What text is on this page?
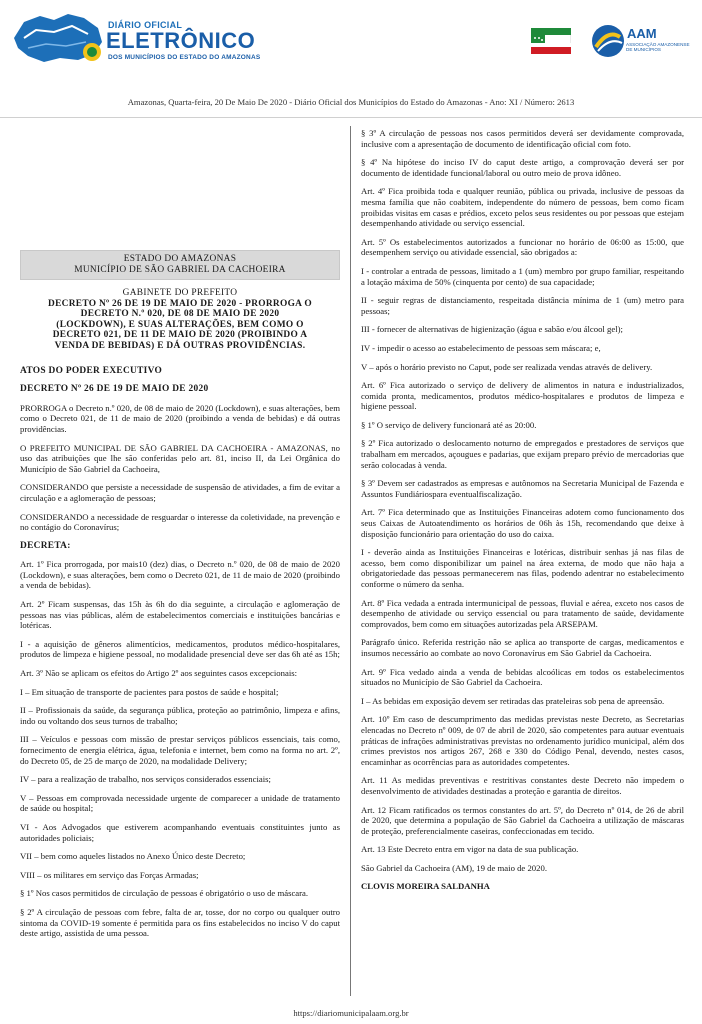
DIÁRIO OFICIAL
ELETRÔNICO
DOS MUNICÍPIOS DO ESTADO DO AMAZONAS
AAM
ASSOCIAÇÃO AMAZONENSE DE MUNICÍPIOS
Amazonas, Quarta-feira, 20 De Maio De 2020 - Diário Oficial dos Municípios do Estado do Amazonas - Ano: XI / Número: 2613
ESTADO DO AMAZONAS
MUNICÍPIO DE SÃO GABRIEL DA CACHOEIRA
GABINETE DO PREFEITO
DECRETO Nº 26 DE 19 DE MAIO DE 2020 - PRORROGA O
DECRETO N.º 020, DE 08 DE MAIO DE 2020
(LOCKDOWN), E SUAS ALTERAÇÕES, BEM COMO O
DECRETO 021, DE 11 DE MAIO DE 2020 (PROIBINDO A
VENDA DE BEBIDAS) E DÁ OUTRAS PROVIDÊNCIAS.
ATOS DO PODER EXECUTIVO
DECRETO Nº 26 DE 19 DE MAIO DE 2020

PRORROGA o Decreto n.º 020, de 08 de maio de 2020 (Lockdown), e suas alterações, bem como o Decreto 021, de 11 de maio de 2020 (proibindo a venda de bebidas) e dá outras providências.

O PREFEITO MUNICIPAL DE SÃO GABRIEL DA CACHOEIRA - AMAZONAS, no uso das atribuições que lhe são conferidas pelo art. 81, inciso II, da Lei Orgânica do Município de São Gabriel da Cachoeira,

CONSIDERANDO que persiste a necessidade de suspensão de atividades, a fim de evitar a circulação e a aglomeração de pessoas;

CONSIDERANDO a necessidade de resguardar o interesse da coletividade, na prevenção e no contágio do Coronavírus;

DECRETA:

Art. 1º Fica prorrogada, por mais10 (dez) dias, o Decreto n.º 020, de 08 de maio de 2020 (Lockdown), e suas alterações, bem como o Decreto 021, de 11 de maio de 2020 (proibindo a venda de bebidas).

Art. 2º Ficam suspensas, das 15h às 6h do dia seguinte, a circulação e aglomeração de pessoas nas vias públicas, além de estabelecimentos comerciais e instituições bancárias e lotéricas.

I - a aquisição de gêneros alimentícios, medicamentos, produtos médico-hospitalares, produtos de limpeza e higiene pessoal, no modalidade presencial deve ser das 6h até as 15h;

Art. 3º Não se aplicam os efeitos do Artigo 2º aos seguintes casos excepcionais:

I – Em situação de transporte de pacientes para postos de saúde e hospital;

II – Profissionais da saúde, da segurança pública, proteção ao patrimônio, limpeza e afins, indo ou voltando dos seus turnos de trabalho;

III – Veículos e pessoas com missão de prestar serviços públicos essenciais, tais como, fornecimento de energia elétrica, água, telefonia e internet, bem como na forma no art. 2º, do Decreto 05, de 25 de março de 2020, na modalidade Delivery;

IV – para a realização de trabalho, nos serviços considerados essenciais;

V – Pessoas em comprovada necessidade urgente de comparecer a unidade de tratamento de saúde ou hospital;

VI - Aos Advogados que estiverem acompanhando eventuais constituintes junto as autoridades policiais;

VII – bem como aqueles listados no Anexo Único deste Decreto;

VIII – os militares em serviço das Forças Armadas;

§ 1º Nos casos permitidos de circulação de pessoas é obrigatório o uso de máscara.

§ 2º A circulação de pessoas com febre, falta de ar, tosse, dor no corpo ou qualquer outro sintoma da COVID-19 somente é permitida para os fins estabelecidos no inciso V do caput deste artigo, assistida de uma pessoa.

§ 3º A circulação de pessoas nos casos permitidos deverá ser devidamente comprovada, inclusive com a apresentação de documento de identificação oficial com foto.

§ 4º Na hipótese do inciso IV do caput deste artigo, a comprovação deverá ser por documento de identidade funcional/laboral ou outro meio de prova idôneo.

Art. 4º Fica proibida toda e qualquer reunião, pública ou privada, inclusive de pessoas da mesma família que não coabitem, independente do número de pessoas, bem como ficam proibidas visitas em casas e prédios, exceto pelos seus residentes ou por pessoas que estejam desempenhando atividade ou serviço essencial.

Art. 5º Os estabelecimentos autorizados a funcionar no horário de 06:00 as 15:00, que desempenhem serviço ou atividade essencial, são obrigados a:

I - controlar a entrada de pessoas, limitado a 1 (um) membro por grupo familiar, respeitando a lotação máxima de 50% (cinquenta por cento) de sua capacidade;

II - seguir regras de distanciamento, respeitada distância mínima de 1 (um) metro para pessoas;

III - fornecer de alternativas de higienização (água e sabão e/ou álcool gel);

IV - impedir o acesso ao estabelecimento de pessoas sem máscara; e,

V – após o horário previsto no Caput, pode ser realizada vendas através de delivery.

Art. 6º Fica autorizado o serviço de delivery de alimentos in natura e industrializados, comida pronta, medicamentos, produtos médico-hospitalares e produtos de limpeza e higiene pessoal.

§ 1º O serviço de delivery funcionará até as 20:00.

§ 2º Fica autorizado o deslocamento noturno de empregados e prestadores de serviços que trabalham em mercados, açougues e padarias, que exijam preparo prévio de mercadorias que serão colocadas à venda.

§ 3º Devem ser cadastrados as empresas e autônomos na Secretaria Municipal de Fazenda e Assuntos Fundiáriospara eventualfiscalização.

Art. 7º Fica determinado que as Instituições Financeiras adotem como funcionamento dos seus Caixas de Autoatendimento os horários de 06h às 15h, recomendando que deixe à disposição funcionário para orientação do uso do caixa.

I - deverão ainda as Instituições Financeiras e lotéricas, distribuir senhas já nas filas de acesso, bem como disponibilizar um painel na área externa, de modo que não haja a obrigatoriedade das pessoas permanecerem nas filas, podendo adentrar no estabelecimento conforme o número da senha.

Art. 8º Fica vedada a entrada intermunicipal de pessoas, fluvial e aérea, exceto nos casos de desempenho de atividade ou serviço essencial ou para tratamento de saúde, devidamente comprovados, bem como em situações autorizadas pela ARSEPAM.

Parágrafo único. Referida restrição não se aplica ao transporte de cargas, medicamentos e insumos necessário ao combate ao novo Coronavírus em São Gabriel da Cachoeira.

Art. 9º Fica vedado ainda a venda de bebidas alcoólicas em todos os estabelecimentos situados no Município de São Gabriel da Cachoeira.

I – As bebidas em exposição devem ser retiradas das prateleiras sob pena de apreensão.

Art. 10º Em caso de descumprimento das medidas previstas neste Decreto, as Secretarias elencadas no Decreto nº 009, de 07 de abril de 2020, são competentes para autuar eventuais práticas de infrações administrativas previstas no ordenamento jurídico municipal, além dos crimes previstos nos artigos 267, 268 e 330 do Código Penal, devendo, nestes casos, encaminhar as ocorrências para as autoridades competentes.

Art. 11 As medidas preventivas e restritivas constantes deste Decreto não impedem o desenvolvimento de atividades destinadas a proteção e garantia de direitos.

Art. 12 Ficam ratificados os termos constantes do art. 5º, do Decreto nº 014, de 26 de abril de 2020, que determina a população de São Gabriel da Cachoeira a utilização de máscaras de proteção, preferencialmente caseiras, confeccionadas em tecido.

Art. 13 Este Decreto entra em vigor na data de sua publicação.

São Gabriel da Cachoeira (AM), 19 de maio de 2020.

CLOVIS MOREIRA SALDANHA

https://diariomunicipalaam.org.br
